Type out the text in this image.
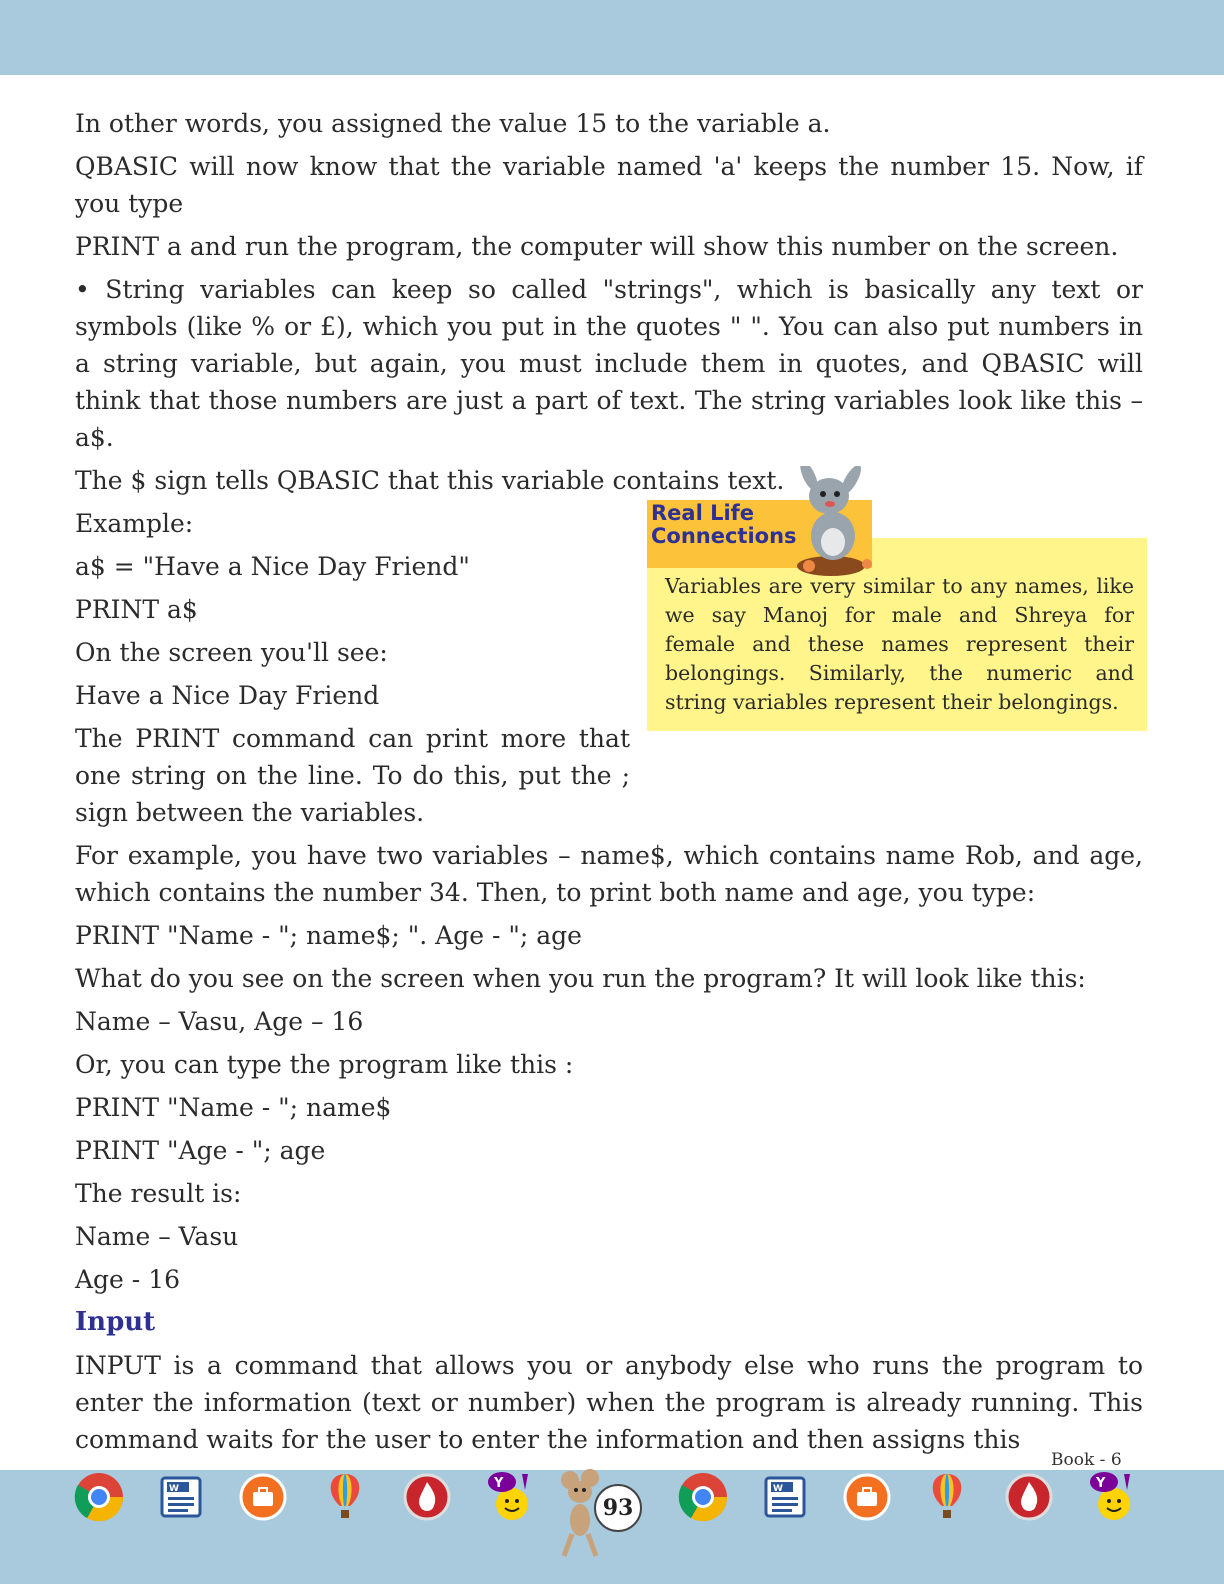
In other words, you assigned the value 15 to the variable a.

QBASIC will now know that the variable named 'a' keeps the number 15. Now, if you type

PRINT a and run the program, the computer will show this number on the screen.

• String variables can keep so called "strings", which is basically any text or symbols (like % or £), which you put in the quotes " ". You can also put numbers in a string variable, but again, you must include them in quotes, and QBASIC will think that those numbers are just a part of text. The string variables look like this – a$.

The $ sign tells QBASIC that this variable contains text.

Example:

a$ = "Have a Nice Day Friend"

PRINT a$

On the screen you'll see:

Have a Nice Day Friend

The PRINT command can print more that one string on the line. To do this, put the ; sign between the variables.

For example, you have two variables – name$, which contains name Rob, and age, which contains the number 34. Then, to print both name and age, you type:

PRINT "Name - "; name$; ". Age - "; age

What do you see on the screen when you run the program? It will look like this:

Name – Vasu, Age – 16

Or, you can type the program like this :

PRINT "Name - "; name$

PRINT "Age - "; age

The result is:

Name – Vasu

Age - 16

Input

INPUT is a command that allows you or anybody else who runs the program to enter the information (text or number) when the program is already running. This command waits for the user to enter the information and then assigns this

Real Life
Connections
Variables are very similar to any names, like we say Manoj for male and Shreya for female and these names represent their belongings. Similarly, the numeric and string variables represent their belongings.
Book - 6
W	Y
93
W	Y
